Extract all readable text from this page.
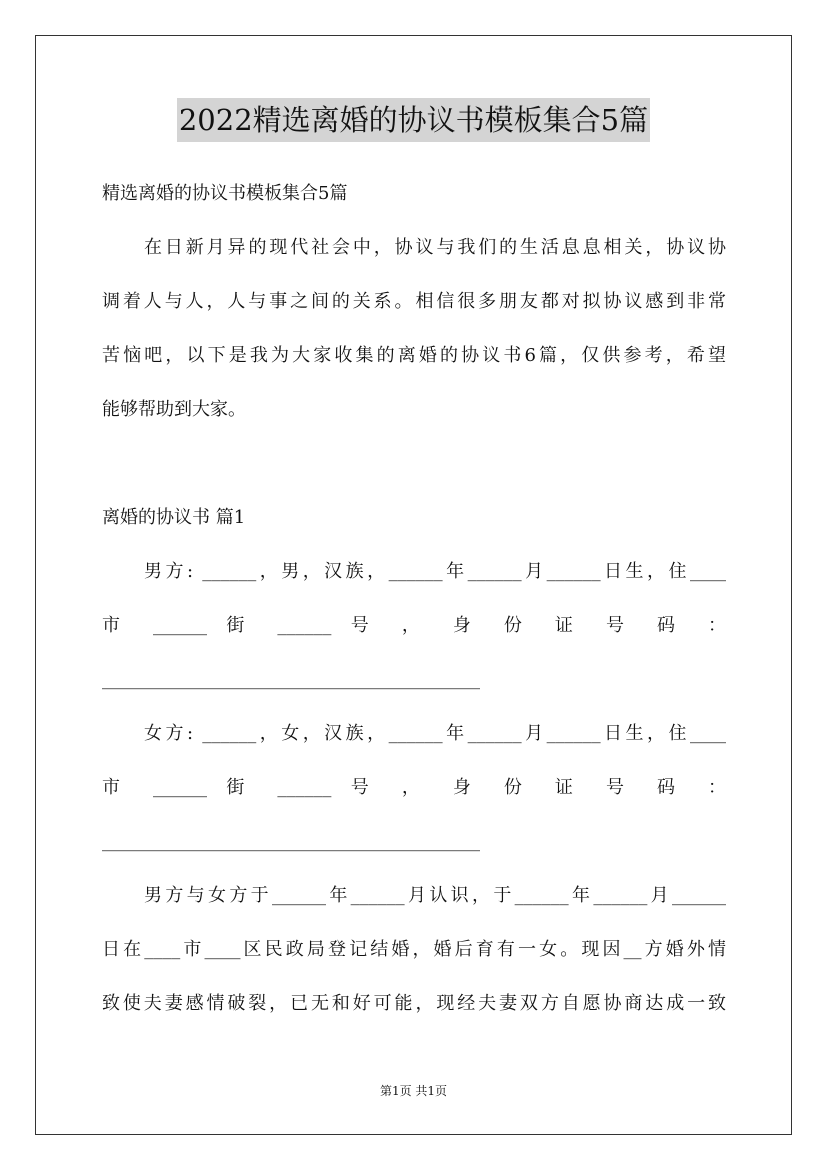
2022精选离婚的协议书模板集合5篇
精选离婚的协议书模板集合5篇
在日新月异的现代社会中，协议与我们的生活息息相关，协议协
调着人与人，人与事之间的关系。相信很多朋友都对拟协议感到非常
苦恼吧，以下是我为大家收集的离婚的协议书6篇，仅供参考，希望
能够帮助到大家。
离婚的协议书 篇1
男方: ______，男，汉族，______年______月______日生，住____
市 ______ 街 ______ 号 ， 身 份 证 号 码 ：
__________________________________________
女方: ______，女，汉族，______年______月______日生，住____
市 ______ 街 ______ 号 ， 身 份 证 号 码 ：
__________________________________________
男方与女方于______年______月认识，于______年______月______
日在____市____区民政局登记结婚，婚后育有一女。现因__方婚外情
致使夫妻感情破裂，已无和好可能，现经夫妻双方自愿协商达成一致
第1页 共1页
